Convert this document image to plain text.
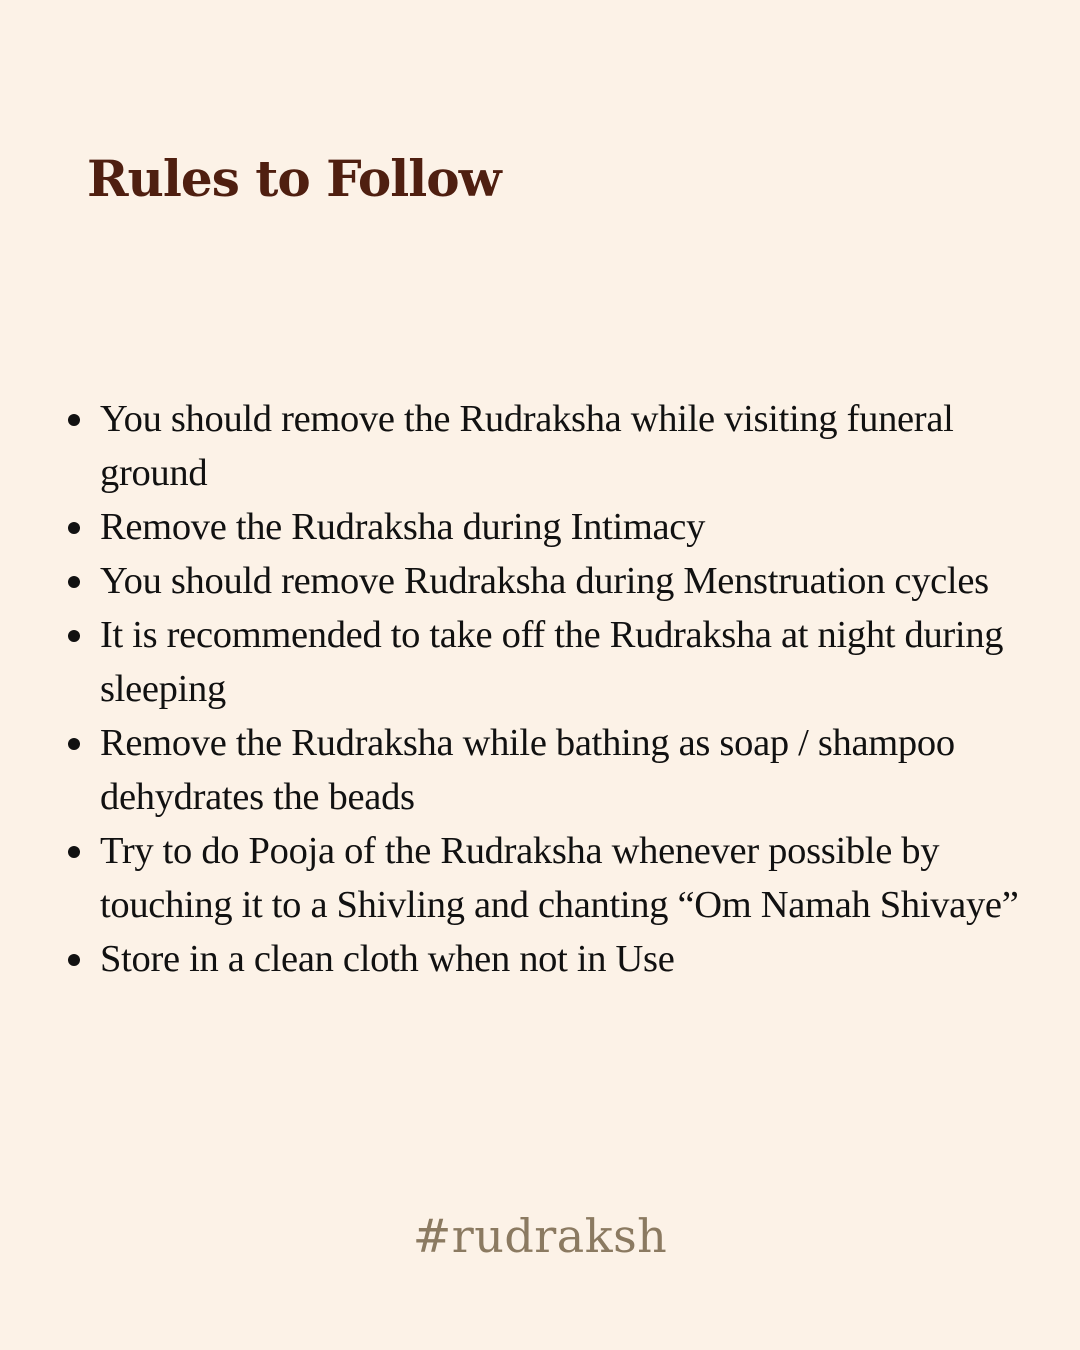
Rules to Follow
You should remove the Rudraksha while visiting funeral ground
Remove the Rudraksha during Intimacy
You should remove Rudraksha during Menstruation cycles
It is recommended to take off the Rudraksha at night during sleeping
Remove the Rudraksha while bathing as soap / shampoo dehydrates the beads
Try to do Pooja of the Rudraksha whenever possible by touching it to a Shivling and chanting “Om Namah Shivaye”
Store in a clean cloth when not in Use

#rudraksh
